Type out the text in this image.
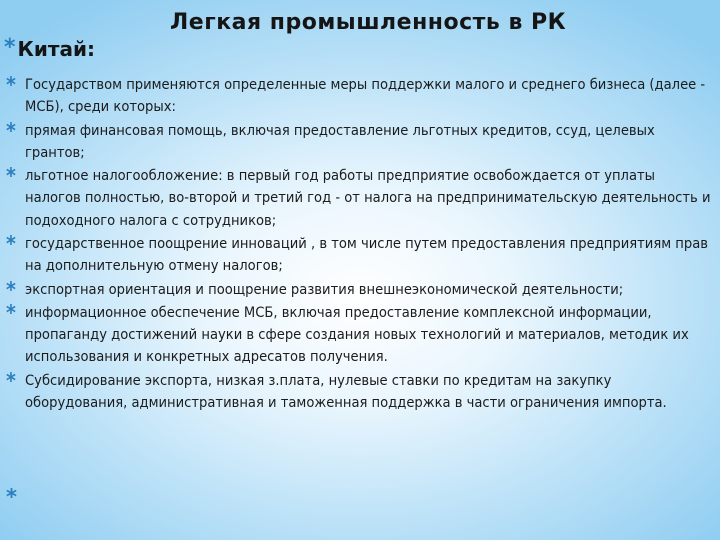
Легкая промышленность в РК
* Китай:
* Государством применяются определенные меры поддержки малого и среднего бизнеса (далее - МСБ), среди которых:
* прямая финансовая помощь, включая предоставление льготных кредитов, ссуд, целевых грантов;
* льготное налогообложение: в первый год работы предприятие освобождается от уплаты налогов полностью, во-второй и третий год - от налога на предпринимательскую деятельность и подоходного налога с сотрудников;
* государственное поощрение инноваций , в том числе путем предоставления предприятиям прав на дополнительную отмену налогов;
* экспортная ориентация и поощрение развития внешнеэкономической деятельности;
* информационное обеспечение МСБ, включая предоставление комплексной информации, пропаганду достижений науки в сфере создания новых технологий и материалов, методик их использования и конкретных адресатов получения.
* Субсидирование экспорта, низкая з.плата, нулевые ставки по кредитам на закупку оборудования, административная и таможенная поддержка в части ограничения импорта.
*
